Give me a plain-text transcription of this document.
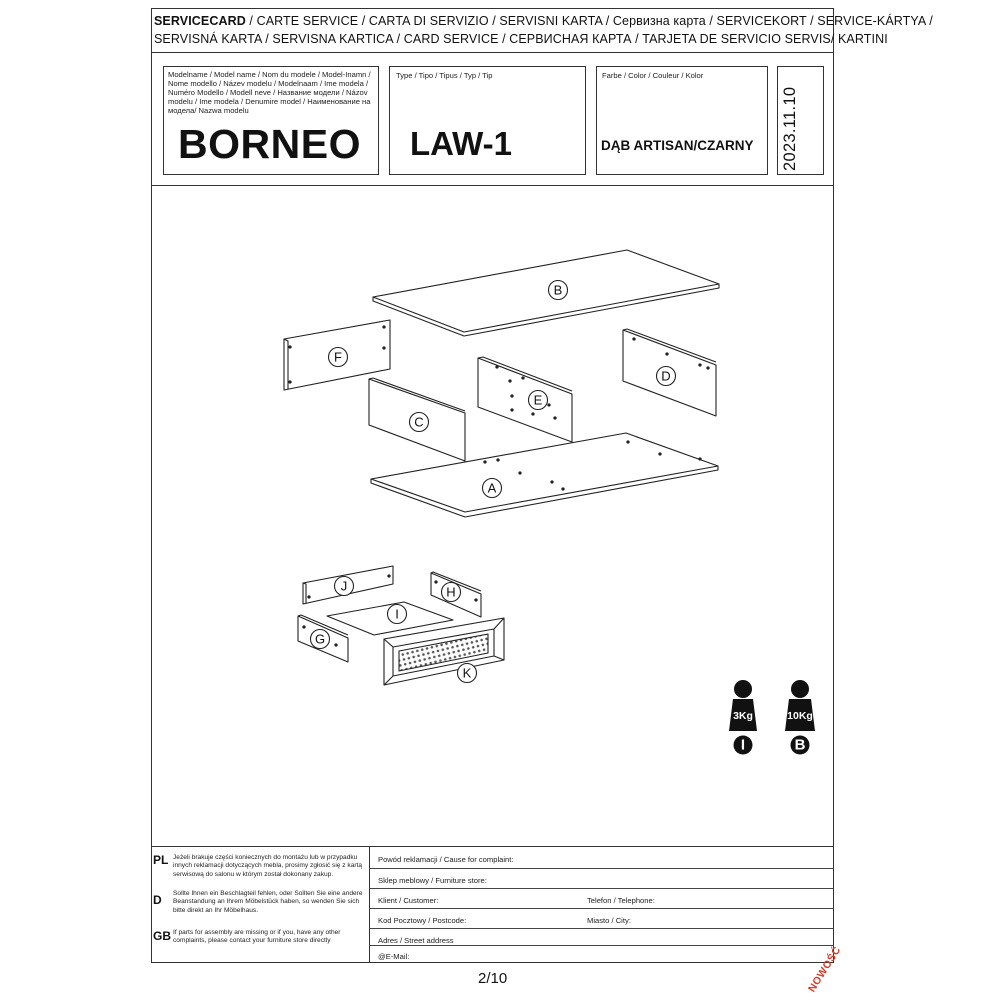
SERVICECARD / CARTE SERVICE / CARTA DI SERVIZIO / SERVISNI KARTA / Сервизна карта / SERVICEKORT / SERVICE-KÁRTYA /
SERVISNÁ KARTA / SERVISNA KARTICA / CARD SERVICE / СЕРВИСНАЯ КАРТА / TARJETA DE SERVICIO SERVIS/ KARTINI
Modelname / Model name / Nom du modele / Model-Inamn / Nome modello / Název modelu / Modelnaam / Ime modela / Numéro Modello / Modell neve / Название модели / Názov modelu / Ime modela / Denumire model / Наименование на модела/ Nazwa modelu
BORNEO
Type / Tipo / Tipus / Typ / Tip
LAW-1
Farbe / Color / Couleur / Kolor
DĄB ARTISAN/CZARNY 2023.11.10
B
F
D
E
C
A
J	H
I
G
K
3Kg
I
10Kg
B
PL Jeżeli brakuje części koniecznych do montażu lub w przypadku innych reklamacji dotyczących mebla, prosimy zgłosić się z kartą serwisową do salonu w którym został dokonany zakup.
D Sollte Ihnen ein Beschlagteil fehlen, oder Sollten Sie eine andere Beanstandung an Ihrem Möbelstück haben, so wenden Sie sich bitte direkt an Ihr Möbelhaus.
GB If parts for assembly are missing or if you, have any other complaints, please contact your furniture store directly
Powód reklamacji / Cause for complaint:
Sklep meblowy / Furniture store:
Klient / Customer:	Telefon / Telephone:
Kod Pocztowy / Postcode:	Miasto / City:
Adres / Street address
@E-Mail:
2/10	NOWOŚĆ
